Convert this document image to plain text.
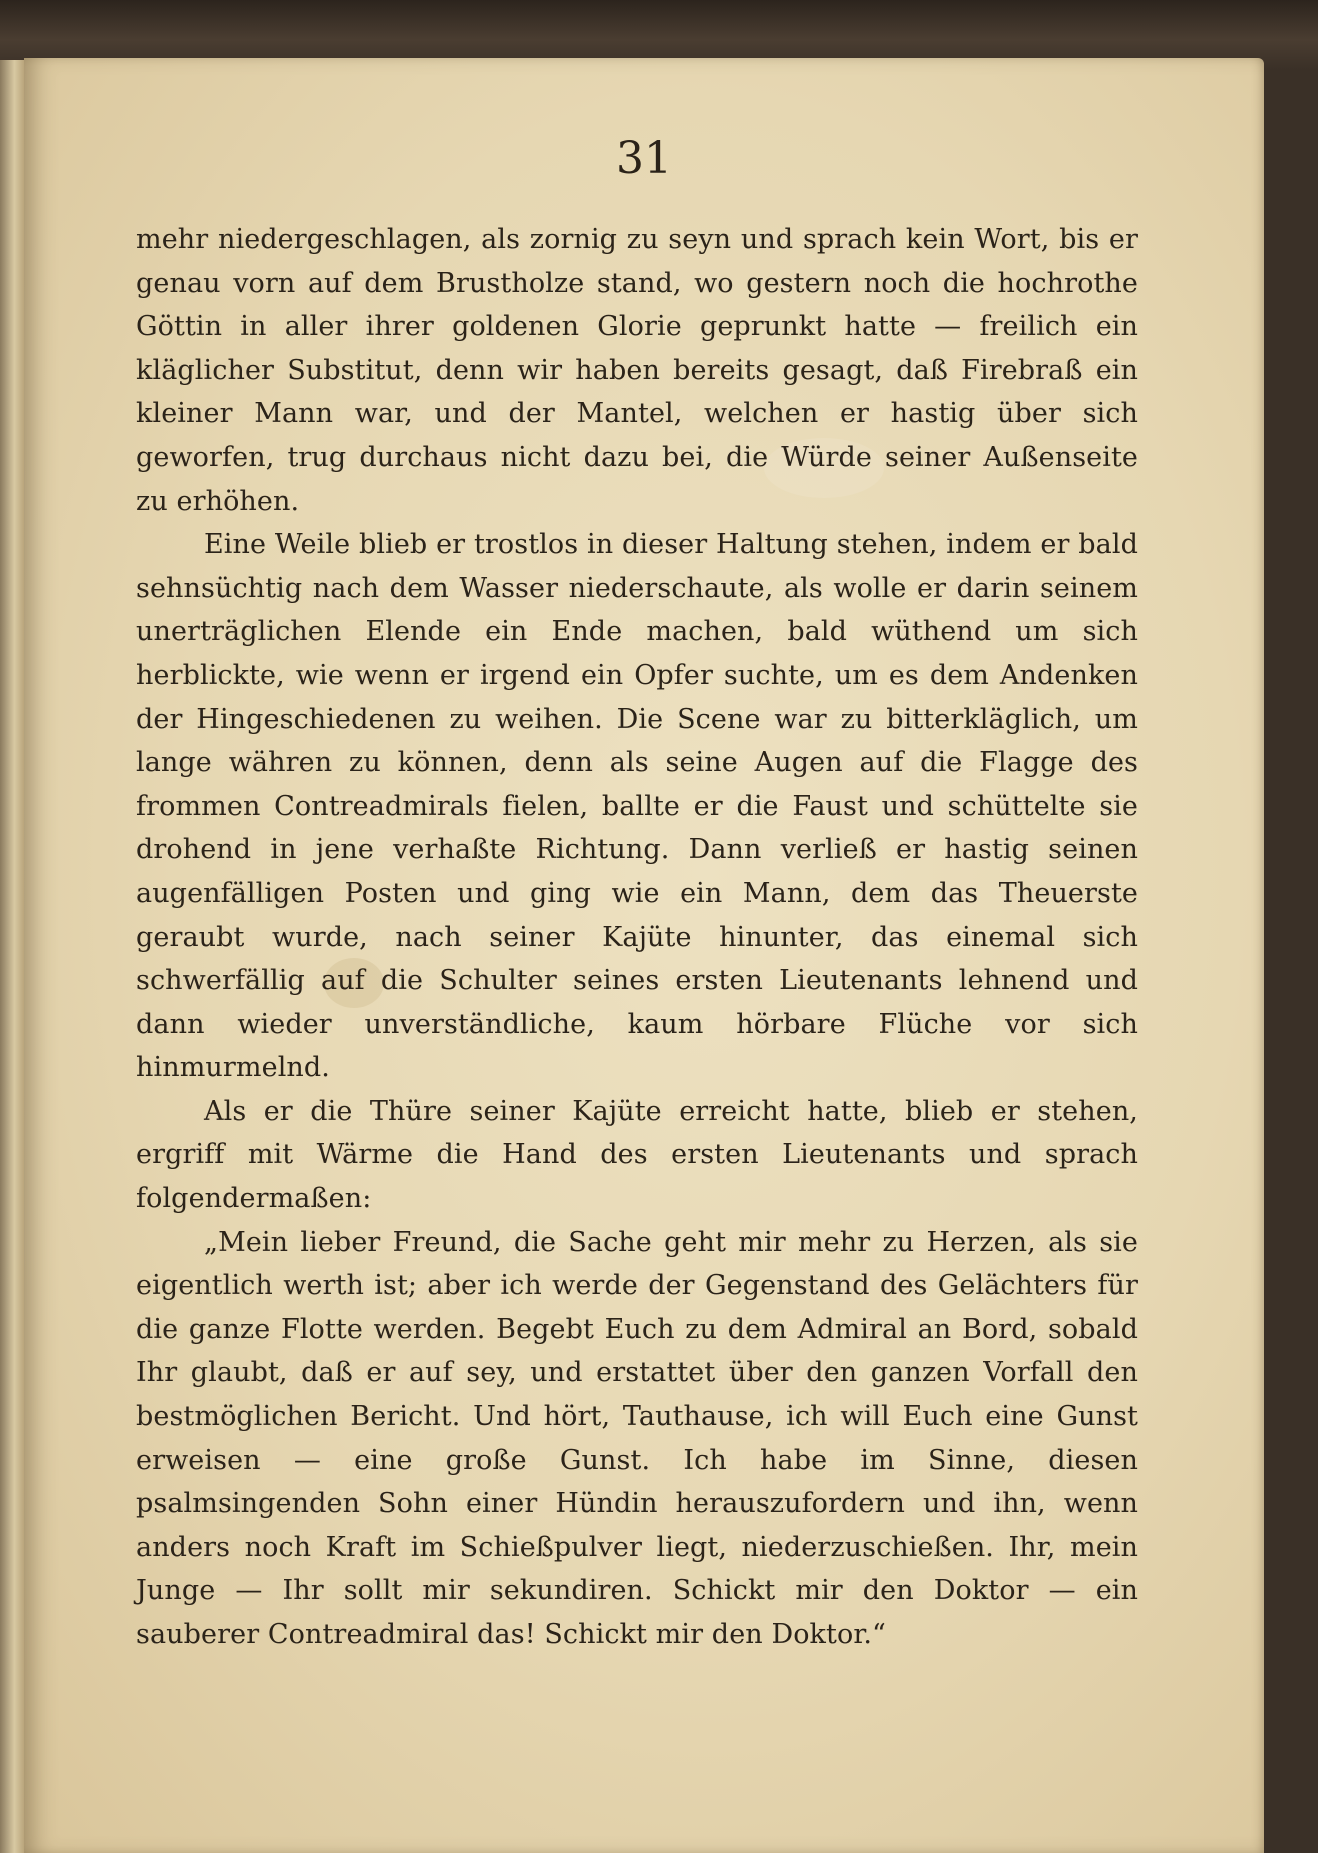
31

mehr niedergeschlagen, als zornig zu seyn und sprach kein Wort, bis er genau vorn auf dem Brustholze stand, wo gestern noch die hochrothe Göttin in aller ihrer goldenen Glorie geprunkt hatte — freilich ein kläglicher Substitut, denn wir haben bereits gesagt, daß Firebraß ein kleiner Mann war, und der Mantel, welchen er hastig über sich geworfen, trug durchaus nicht dazu bei, die Würde seiner Außenseite zu erhöhen.

Eine Weile blieb er trostlos in dieser Haltung stehen, indem er bald sehnsüchtig nach dem Wasser niederschaute, als wolle er darin seinem unerträglichen Elende ein Ende machen, bald wüthend um sich herblickte, wie wenn er irgend ein Opfer suchte, um es dem Andenken der Hingeschiedenen zu weihen. Die Scene war zu bitterkläglich, um lange währen zu können, denn als seine Augen auf die Flagge des frommen Contreadmirals fielen, ballte er die Faust und schüttelte sie drohend in jene verhaßte Richtung. Dann verließ er hastig seinen augenfälligen Posten und ging wie ein Mann, dem das Theuerste geraubt wurde, nach seiner Kajüte hinunter, das einemal sich schwerfällig auf die Schulter seines ersten Lieutenants lehnend und dann wieder unverständliche, kaum hörbare Flüche vor sich hinmurmelnd.

Als er die Thüre seiner Kajüte erreicht hatte, blieb er stehen, ergriff mit Wärme die Hand des ersten Lieutenants und sprach folgendermaßen:

„Mein lieber Freund, die Sache geht mir mehr zu Herzen, als sie eigentlich werth ist; aber ich werde der Gegenstand des Gelächters für die ganze Flotte werden. Begebt Euch zu dem Admiral an Bord, sobald Ihr glaubt, daß er auf sey, und erstattet über den ganzen Vorfall den bestmöglichen Bericht. Und hört, Tauthause, ich will Euch eine Gunst erweisen — eine große Gunst. Ich habe im Sinne, diesen psalmsingenden Sohn einer Hündin herauszufordern und ihn, wenn anders noch Kraft im Schießpulver liegt, niederzuschießen. Ihr, mein Junge — Ihr sollt mir sekundiren. Schickt mir den Doktor — ein sauberer Contreadmiral das! Schickt mir den Doktor.“
